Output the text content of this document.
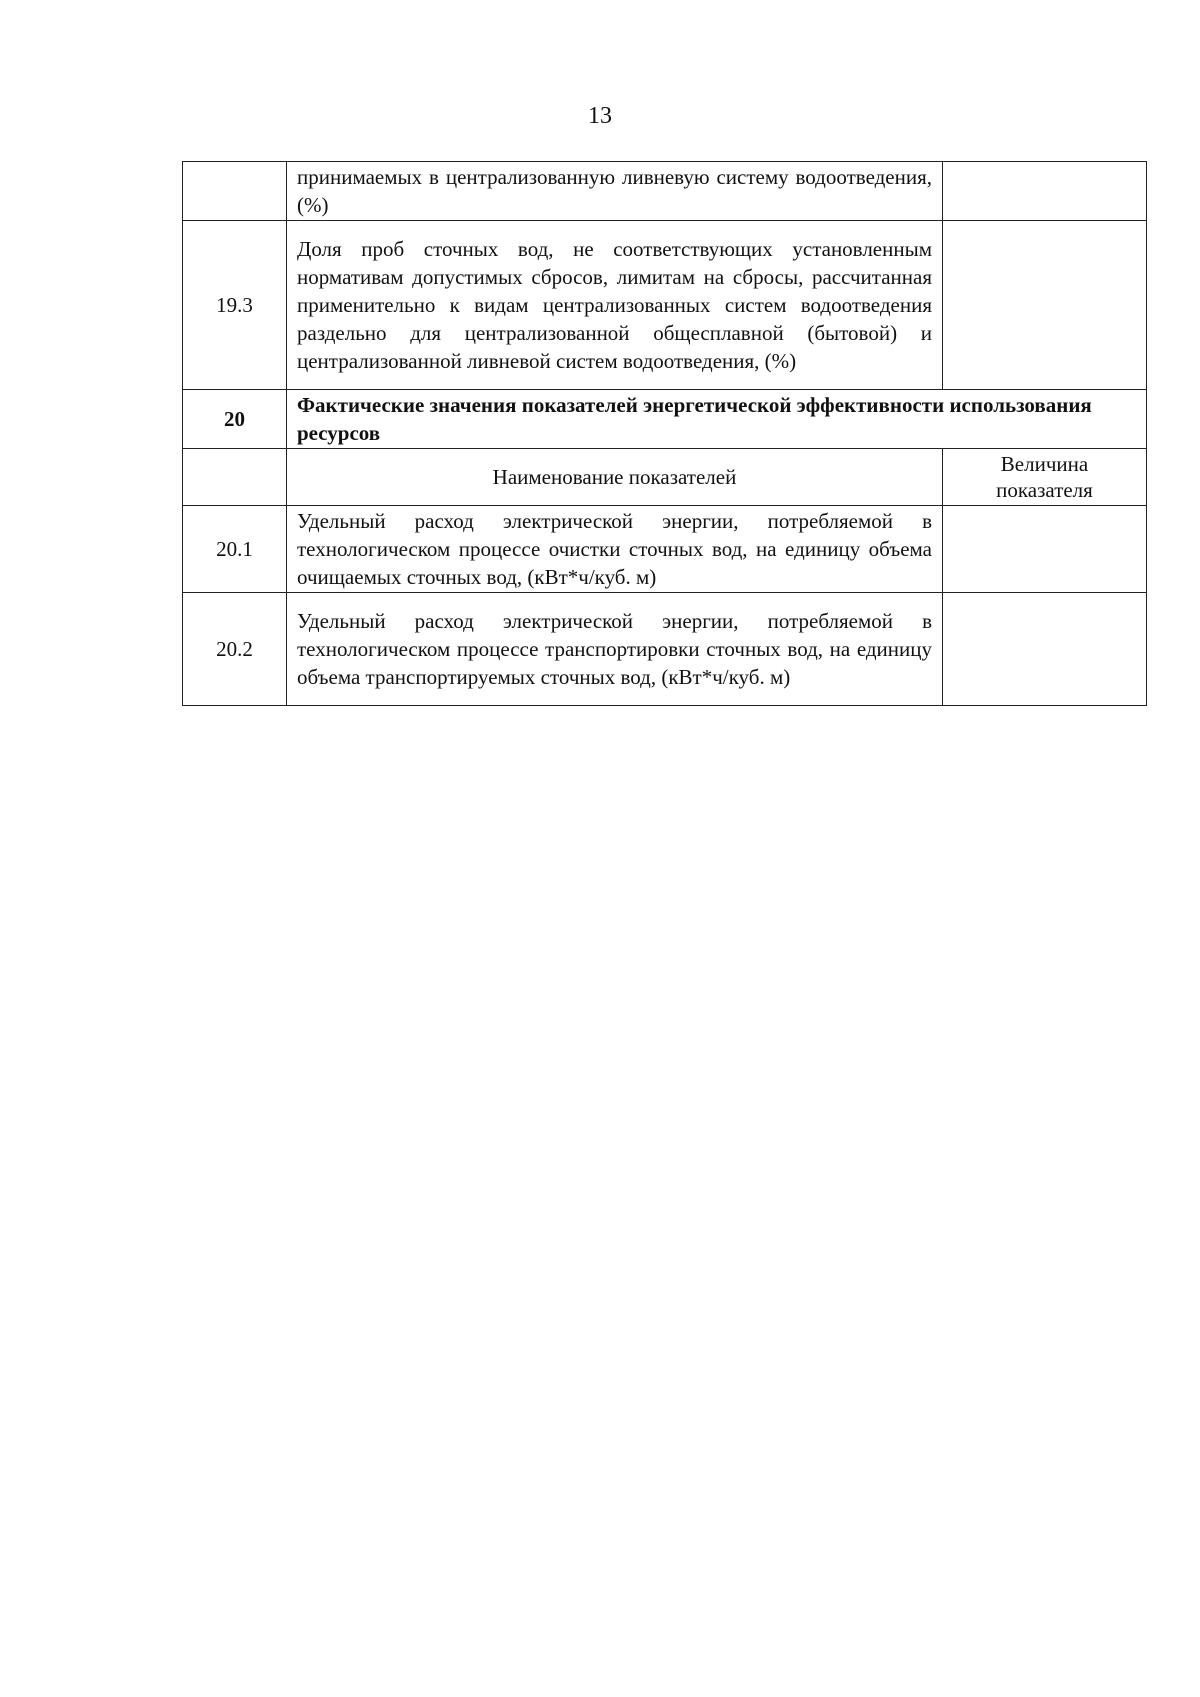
13
	принимаемых в централизованную ливневую систему водоотведения, (%)	
19.3	Доля проб сточных вод, не соответствующих установленным нормативам допустимых сбросов, лимитам на сбросы, рассчитанная применительно к видам централизованных систем водоотведения раздельно для централизованной общесплавной (бытовой) и централизованной ливневой систем водоотведения, (%)	
20	Фактические значения показателей энергетической эффективности использования ресурсов	
	Наименование показателей	Величина показателя
20.1	Удельный расход электрической энергии, потребляемой в технологическом процессе очистки сточных вод, на единицу объема очищаемых сточных вод, (кВт*ч/куб. м)	
20.2	Удельный расход электрической энергии, потребляемой в технологическом процессе транспортировки сточных вод, на единицу объема транспортируемых сточных вод, (кВт*ч/куб. м)	
